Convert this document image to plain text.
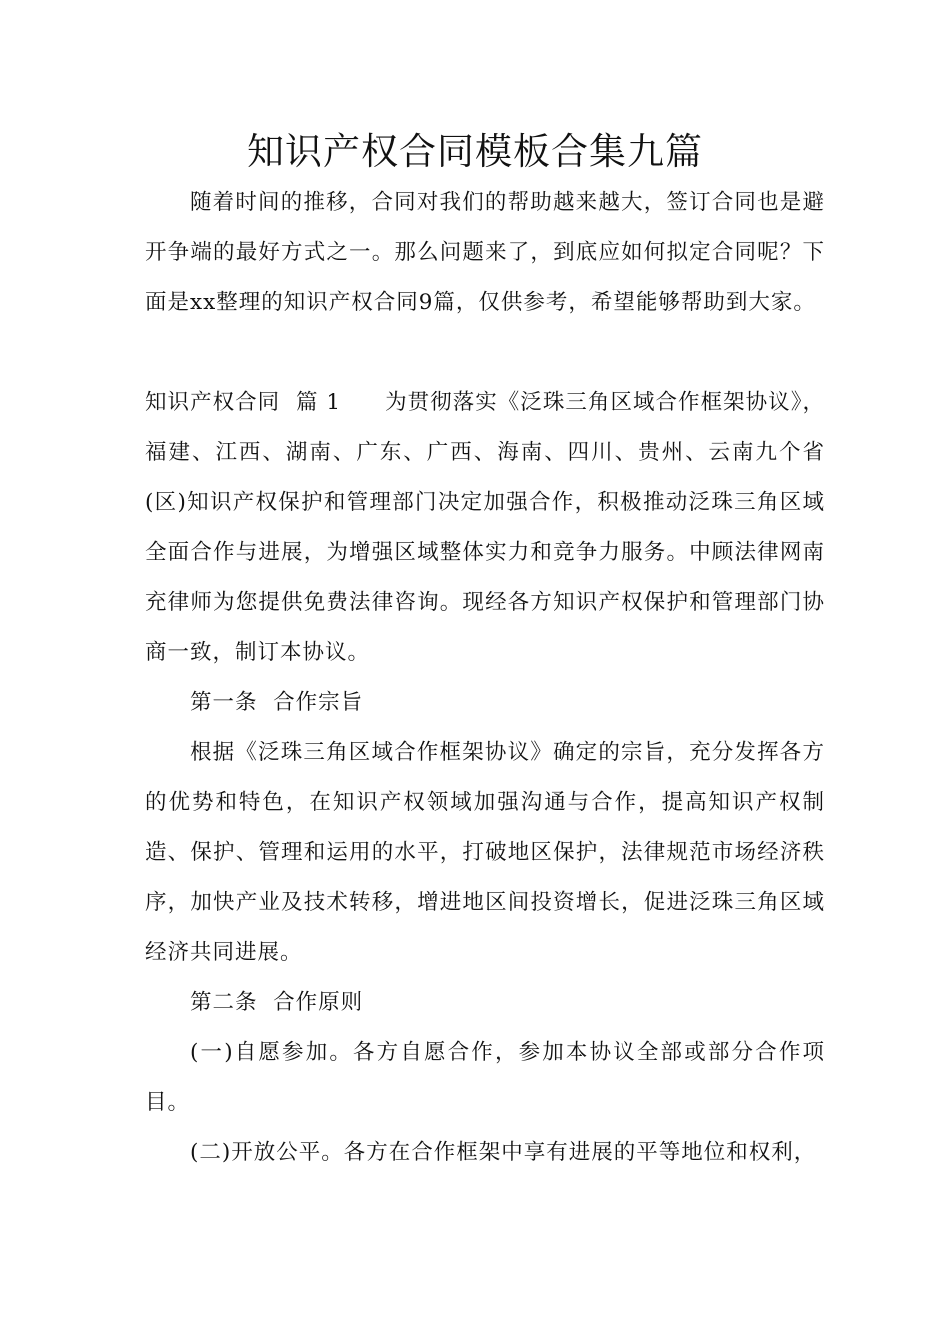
知识产权合同模板合集九篇

随着时间的推移，合同对我们的帮助越来越大，签订合同也是避开争端的最好方式之一。那么问题来了，到底应如何拟定合同呢？下面是xx整理的知识产权合同9篇，仅供参考，希望能够帮助到大家。

知识产权合同 篇 1 为贯彻落实《泛珠三角区域合作框架协议》，福建、江西、湖南、广东、广西、海南、四川、贵州、云南九个省(区)知识产权保护和管理部门决定加强合作，积极推动泛珠三角区域全面合作与进展，为增强区域整体实力和竞争力服务。中顾法律网南充律师为您提供免费法律咨询。现经各方知识产权保护和管理部门协商一致，制订本协议。

第一条  合作宗旨

根据《泛珠三角区域合作框架协议》确定的宗旨，充分发挥各方的优势和特色，在知识产权领域加强沟通与合作，提高知识产权制造、保护、管理和运用的水平，打破地区保护，法律规范市场经济秩序，加快产业及技术转移，增进地区间投资增长，促进泛珠三角区域经济共同进展。

第二条  合作原则

(一)自愿参加。各方自愿合作，参加本协议全部或部分合作项目。

(二)开放公平。各方在合作框架中享有进展的平等地位和权利，
